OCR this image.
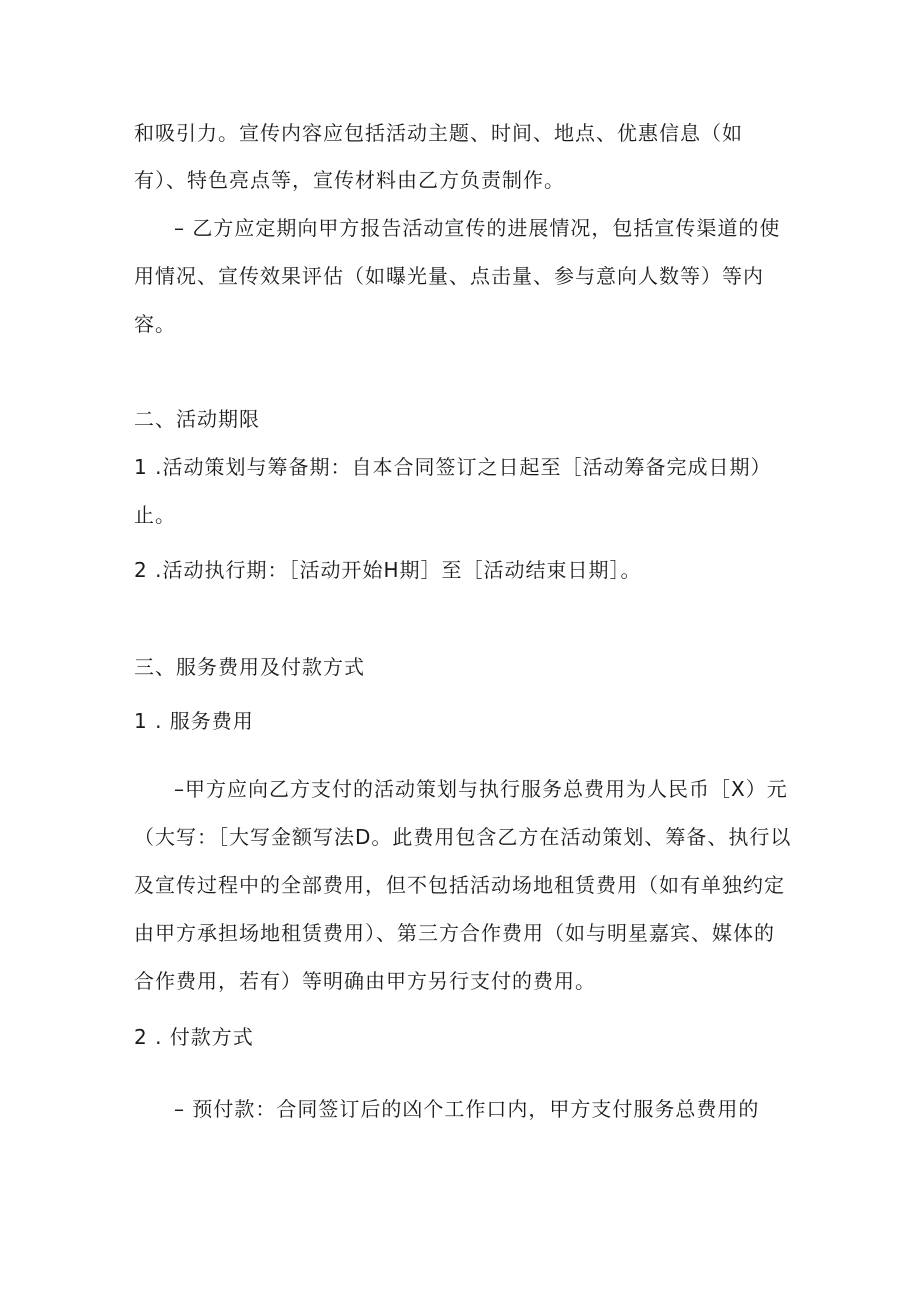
和吸引力。宣传内容应包括活动主题、时间、地点、优惠信息（如
有）、特色亮点等，宣传材料由乙方负责制作。
– 乙方应定期向甲方报告活动宣传的进展情况，包括宣传渠道的使
用情况、宣传效果评估（如曝光量、点击量、参与意向人数等）等内
容。
二、活动期限
1 .活动策划与筹备期：自本合同签订之日起至［活动筹备完成日期）
止。
2 .活动执行期：［活动开始H期］至［活动结束日期］。
三、服务费用及付款方式
1 . 服务费用
–甲方应向乙方支付的活动策划与执行服务总费用为人民币［X）元
（大写：［大写金额写法D。此费用包含乙方在活动策划、筹备、执行以
及宣传过程中的全部费用，但不包括活动场地租赁费用（如有单独约定
由甲方承担场地租赁费用）、第三方合作费用（如与明星嘉宾、媒体的
合作费用，若有）等明确由甲方另行支付的费用。
2 . 付款方式
– 预付款：合同签订后的凶个工作口内，甲方支付服务总费用的
